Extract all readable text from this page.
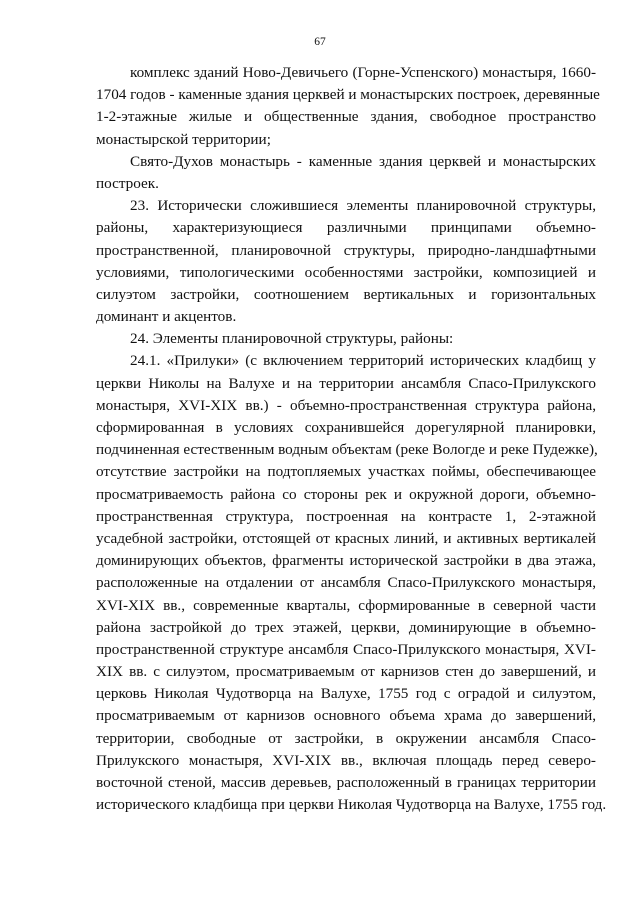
67
комплекс зданий Ново-Девичьего (Горне-Успенского) монастыря, 1660-
1704 годов - каменные здания церквей и монастырских построек, деревянные
1-2-этажные жилые и общественные здания, свободное пространство
монастырской территории;
Свято-Духов монастырь - каменные здания церквей и монастырских
построек.
23. Исторически сложившиеся элементы планировочной структуры,
районы, характеризующиеся различными принципами объемно-
пространственной, планировочной структуры, природно-ландшафтными
условиями, типологическими особенностями застройки, композицией и
силуэтом застройки, соотношением вертикальных и горизонтальных
доминант и акцентов.
24. Элементы планировочной структуры, районы:
24.1. «Прилуки» (с включением территорий исторических кладбищ у
церкви Николы на Валухе и на территории ансамбля Спасо-Прилукского
монастыря, XVI-XIX вв.) - объемно-пространственная структура района,
сформированная в условиях сохранившейся дорегулярной планировки,
подчиненная естественным водным объектам (реке Вологде и реке Пудежке),
отсутствие застройки на подтопляемых участках поймы, обеспечивающее
просматриваемость района со стороны рек и окружной дороги, объемно-
пространственная структура, построенная на контрасте 1, 2-этажной
усадебной застройки, отстоящей от красных линий, и активных вертикалей
доминирующих объектов, фрагменты исторической застройки в два этажа,
расположенные на отдалении от ансамбля Спасо-Прилукского монастыря,
XVI-XIX вв., современные кварталы, сформированные в северной части
района застройкой до трех этажей, церкви, доминирующие в объемно-
пространственной структуре ансамбля Спасо-Прилукского монастыря, XVI-
XIX вв. с силуэтом, просматриваемым от карнизов стен до завершений, и
церковь Николая Чудотворца на Валухе, 1755 год с оградой и силуэтом,
просматриваемым от карнизов основного объема храма до завершений,
территории, свободные от застройки, в окружении ансамбля Спасо-
Прилукского монастыря, XVI-XIX вв., включая площадь перед северо-
восточной стеной, массив деревьев, расположенный в границах территории
исторического кладбища при церкви Николая Чудотворца на Валухе, 1755 год.
